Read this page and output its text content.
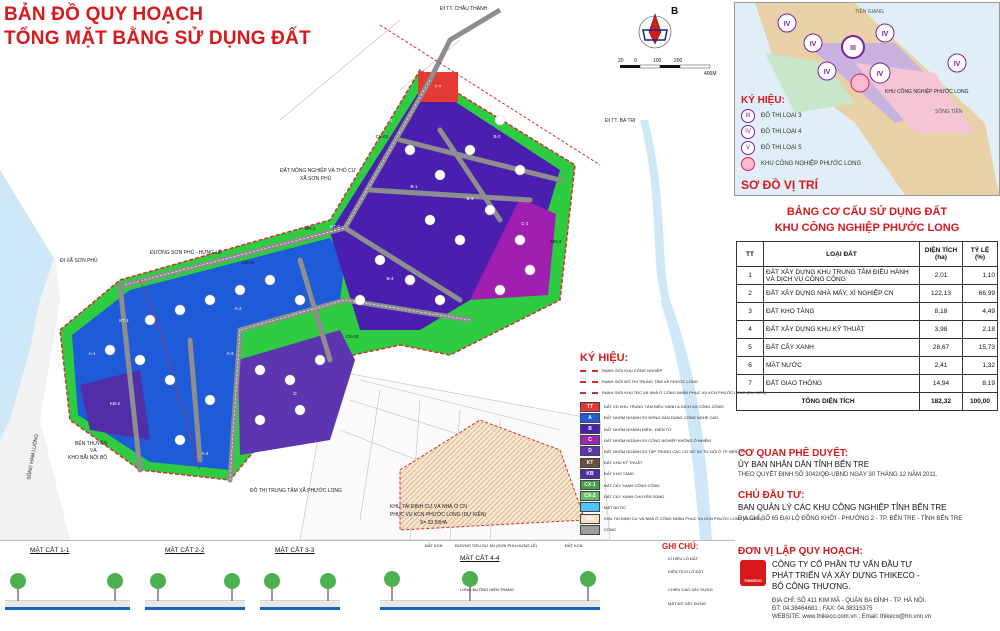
BẢN ĐỒ QUY HOẠCH
TỔNG MẶT BẰNG SỬ DỤNG ĐẤT
T-T
KB-1
B-1
B-2
B-3
B-4
C-1
A-1
A-2
A-3
A-4
D
KB-2
CX-01
CX-02
CX-03
KT-1
KT-2
MN-1
MN-2
ĐI TT. CHÂU THÀNH
ĐI TT. BA TRI
ĐẤT NÔNG NGHIỆP VÀ THỔ CƯ
XÃ SƠN PHÚ
ĐI XÃ SƠN PHÚ
ĐƯỜNG SƠN PHÚ - HƯNG LỄ
BẾN THUYỀN
VÀ
KHO BÃI NỘI BỘ
ĐÔ THỊ TRUNG TÂM XÃ PHƯỚC LONG
KHU TÁI ĐỊNH CƯ VÀ NHÀ Ở CN
PHỤC VỤ KCN PHƯỚC LONG (DỰ KIẾN)
S= 33,50HA
SÔNG HÀM LUÔNG
B
20 0	100	200
400M
KÝ HIỆU:
RANH GIỚI KHU CÔNG NGHIỆP
RANH GIỚI ĐÔ THỊ TRUNG TÂM XÃ PHƯỚC LONG
RANH GIỚI KHU TĐC VÀ NHÀ Ở CÔNG NHÂN PHỤC VỤ KCN PHƯỚC LONG (DỰ KIẾN)
TT	ĐẤT XD KHU TRUNG TÂM ĐIỀU HÀNH & DỊCH VỤ CÔNG CỘNG
A	ĐẤT NHÓM NGÀNH SX NÔNG SẢN DÙNG CÔNG NGHỆ CAO
B	ĐẤT NHÓM NGÀNH ĐIỆN - ĐIỆN TỬ
C	ĐẤT NHÓM NGÀNH SX CÔNG NGHIỆP KHÔNG Ô NHIỄM
D	ĐẤT NHÓM NGÀNH SX TẬP TRUNG CÁC CƠ SỞ SX TỪ NỘI Ô TP. BẾN TRE
KT	ĐẤT KHU KỸ THUẬT
KB	ĐẤT KHO TÀNG
CX-1	ĐẤT CÂY XANH CÔNG CỘNG
CX-2	ĐẤT CÂY XANH CHUYÊN DÙNG
MẶT NƯỚC
MN	KHU TÁI ĐỊNH CƯ VÀ NHÀ Ở CÔNG NHÂN PHỤC VỤ KCN PHƯỚC LONG (DỰ KIẾN)
CỐNG
TIỀN GIANG
SÔNG TIỀN
IV
IV
III
IV
IV
IV	IV
KHU CÔNG NGHIỆP PHƯỚC LONG
KÝ HIỆU:
III	ĐÔ THỊ LOẠI 3
IV	ĐÔ THỊ LOẠI 4
V	ĐÔ THỊ LOẠI 5
KHU CÔNG NGHIỆP PHƯỚC LONG
SƠ ĐỒ VỊ TRÍ
BẢNG CƠ CẤU SỬ DỤNG ĐẤT
KHU CÔNG NGHIỆP PHƯỚC LONG
TT	LOẠI ĐẤT	DIỆN TÍCH (ha)	TỶ LỆ (%)
1	ĐẤT XÂY DỰNG KHU TRUNG TÂM ĐIỀU HÀNH VÀ DỊCH VỤ CÔNG CỘNG	2,01	1,10
2	ĐẤT XÂY DỰNG NHÀ MÁY, XÍ NGHIỆP CN	122,13	66,99
3	ĐẤT KHO TÀNG	8,18	4,49
4	ĐẤT XÂY DỰNG KHU KỸ THUẬT	3,98	2,18
5	ĐẤT CÂY XANH	28,67	15,73
6	MẶT NƯỚC	2,41	1,32
7	ĐẤT GIAO THÔNG	14,94	8,19
TỔNG DIỆN TÍCH		182,32	100,00
CƠ QUAN PHÊ DUYỆT:
ỦY BAN NHÂN DÂN TỈNH BẾN TRE
THEO QUYẾT ĐỊNH SỐ 3042/QĐ-UBND NGÀY 30 THÁNG 12 NĂM 2011.
CHỦ ĐẦU TƯ:
BAN QUẢN LÝ CÁC KHU CÔNG NGHIỆP TỈNH BẾN TRE
ĐỊA CHỈ SỐ 65 ĐẠI LỘ ĐỒNG KHỞI - PHƯỜNG 2 - TP. BẾN TRE - TỈNH BẾN TRE
ĐƠN VỊ LẬP QUY HOẠCH:
THIKECO
CÔNG TY CỔ PHẦN TƯ VẤN ĐẦU TƯ
PHÁT TRIỂN VÀ XÂY DỰNG THIKECO -
BỘ CÔNG THƯƠNG.
ĐỊA CHỈ: SỐ 411 KIM MÃ - QUẬN BA ĐÌNH - TP. HÀ NỘI.
ĐT: 04.38464681 ; FAX: 04.38315375
WEBSITE: www.thikeco.com.vn ; Email: thikeco@hn.vnn.vn
MẶT CẮT 1-1	MẶT CẮT 2-2	MẶT CẮT 3-3
MẶT CẮT 4-4
ĐẤT KCN	ĐƯỜNG TIỂU DỰ ÁN (SƠN PHÚ-HƯNG LỄ)	ĐẤT KCN
LONG ĐƯỜNG HIỆN TRẠNG
GHI CHÚ:
KÍ HIỆU LÔ ĐẤT
DIỆN TÍCH LÔ ĐẤT
CHIỀU CAO XÂY DỰNG
MẬT ĐỘ XÂY DỰNG
